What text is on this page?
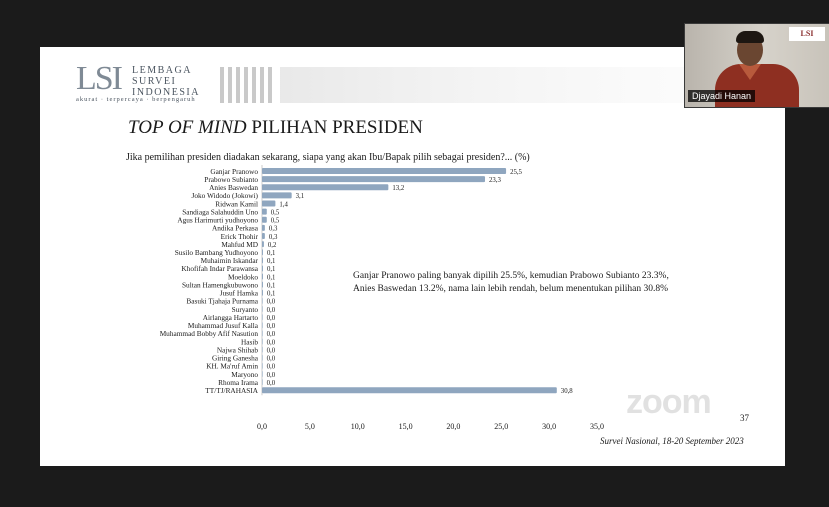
LSI LEMBAGA
SURVEI
INDONESIA
akurat · terpercaya · berpengaruh
TOP OF MIND PILIHAN PRESIDEN
Jika pemilihan presiden diadakan sekarang, siapa yang akan Ibu/Bapak pilih sebagai presiden?... (%)
Ganjar Pranowo	25,5
Prabowo Subianto	23,3
Anies Baswedan	13,2
Joko Widodo (Jokowi)	3,1
Ridwan Kamil	1,4
Sandiaga Salahuddin Uno 0,5
Agus Harimurti yudhoyono 0,5
Andika Perkasa 0,3
Erick Thohir 0,3
Mahfud MD 0,2
Susilo Bambang Yudhoyono 0,1
Muhaimin Iskandar 0,1
Khofifah Indar Parawansa 0,1
Moeldoko 0,1
Sultan Hamengkubuwono 0,1
Jusuf Hamka 0,1
Basuki Tjahaja Purnama 0,0
Suryanto 0,0
Airlangga Hartarto 0,0
Muhammad Jusuf Kalla 0,0
Muhammad Bobby Afif Nasution 0,0
Hasib 0,0
Najwa Shihab 0,0
Giring Ganesha 0,0
KH. Ma'ruf Amin 0,0
Maryono 0,0
Rhoma Irama 0,0
TT/TJ/RAHASIA	30,8
0,0	5,0	10,0	15,0	20,0	25,0	30,0	35,0
Ganjar Pranowo paling banyak dipilih 25.5%, kemudian Prabowo Subianto 23.3%,
Anies Baswedan 13.2%, nama lain lebih rendah, belum menentukan pilihan 30.8%
37
Survei Nasional, 18-20 September 2023
zoom
LSI
Djayadi Hanan
